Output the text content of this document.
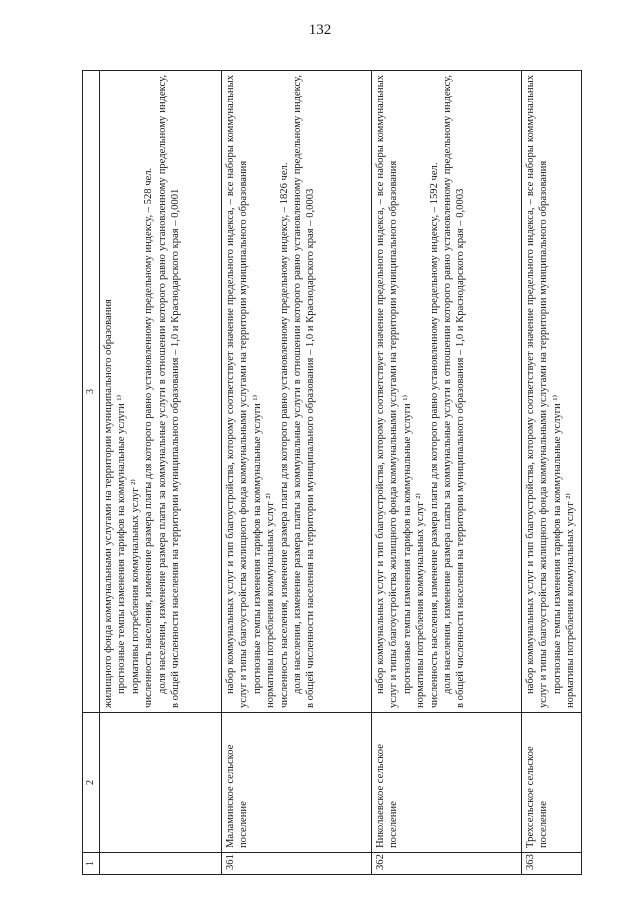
132
1	2	3

		жилищного фонда коммунальными услугами на территории муниципального образования прогнозные темпы изменения тарифов на коммунальные услуги ¹⁾ нормативы потребления коммунальных услуг ²⁾ численность населения, изменение размера платы для которого равно установленному предельному индексу, – 528 чел. доля населения, изменение размера платы за коммунальные услуги в отношении которого равно установленному предельному индексу, в общей численности населения на территории муниципального образования – 1,0 и Краснодарского края – 0,0001

361	Маламинское сельское поселение	набор коммунальных услуг и тип благоустройства, которому соответствует значение предельного индекса, – все наборы коммунальных услуг и типы благоустройства жилищного фонда коммунальными услугами на территории муниципального образования прогнозные темпы изменения тарифов на коммунальные услуги ¹⁾ нормативы потребления коммунальных услуг ²⁾ численность населения, изменение размера платы для которого равно установленному предельному индексу, – 1826 чел. доля населения, изменение размера платы за коммунальные услуги в отношении которого равно установленному предельному индексу, в общей численности населения на территории муниципального образования – 1,0 и Краснодарского края – 0,0003

362	Николаевское сельское поселение	набор коммунальных услуг и тип благоустройства, которому соответствует значение предельного индекса, – все наборы коммунальных услуг и типы благоустройства жилищного фонда коммунальными услугами на территории муниципального образования прогнозные темпы изменения тарифов на коммунальные услуги ¹⁾ нормативы потребления коммунальных услуг ²⁾ численность населения, изменение размера платы для которого равно установленному предельному индексу, – 1592 чел. доля населения, изменение размера платы за коммунальные услуги в отношении которого равно установленному предельному индексу, в общей численности населения на территории муниципального образования – 1,0 и Краснодарского края – 0,0003

363	Трехсельское сельское поселение	набор коммунальных услуг и тип благоустройства, которому соответствует значение предельного индекса, – все наборы коммунальных услуг и типы благоустройства жилищного фонда коммунальными услугами на территории муниципального образования прогнозные темпы изменения тарифов на коммунальные услуги ¹⁾ нормативы потребления коммунальных услуг ²⁾
